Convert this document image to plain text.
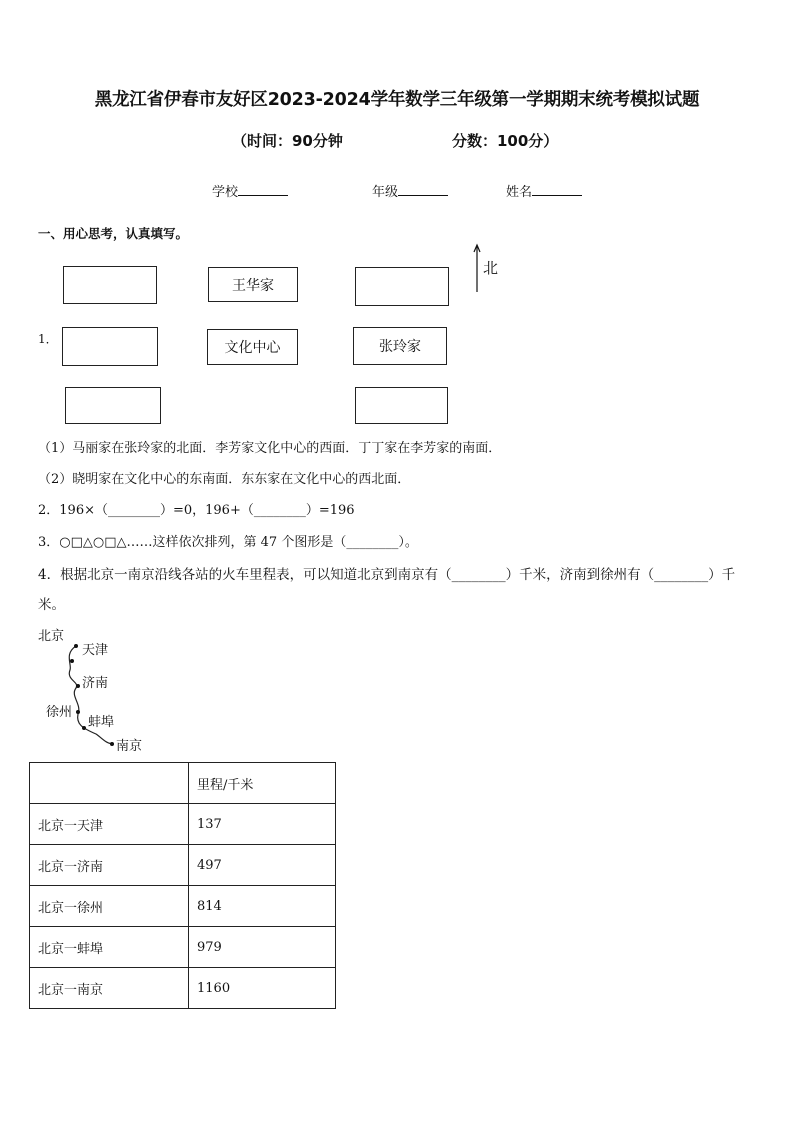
黑龙江省伊春市友好区2023-2024学年数学三年级第一学期期末统考模拟试题
（时间：90分钟	分数：100分）
学校	年级	姓名
一、用心思考，认真填写。
王华家
文化中心	张玲家
北
1．
（1）马丽家在张玲家的北面．李芳家文化中心的西面．丁丁家在李芳家的南面．
（2）晓明家在文化中心的东南面．东东家在文化中心的西北面．
2．196×（________）=0，196+（________）=196
3．○□△○□△……这样依次排列，第 47 个图形是（________）。
4．根据北京一南京沿线各站的火车里程表，可以知道北京到南京有（________）千米，济南到徐州有（________）千
米。
北京
天津
济南
徐州
蚌埠
南京
	里程/千米
北京一天津	137
北京一济南	497
北京一徐州	814
北京一蚌埠	979
北京一南京	1160
